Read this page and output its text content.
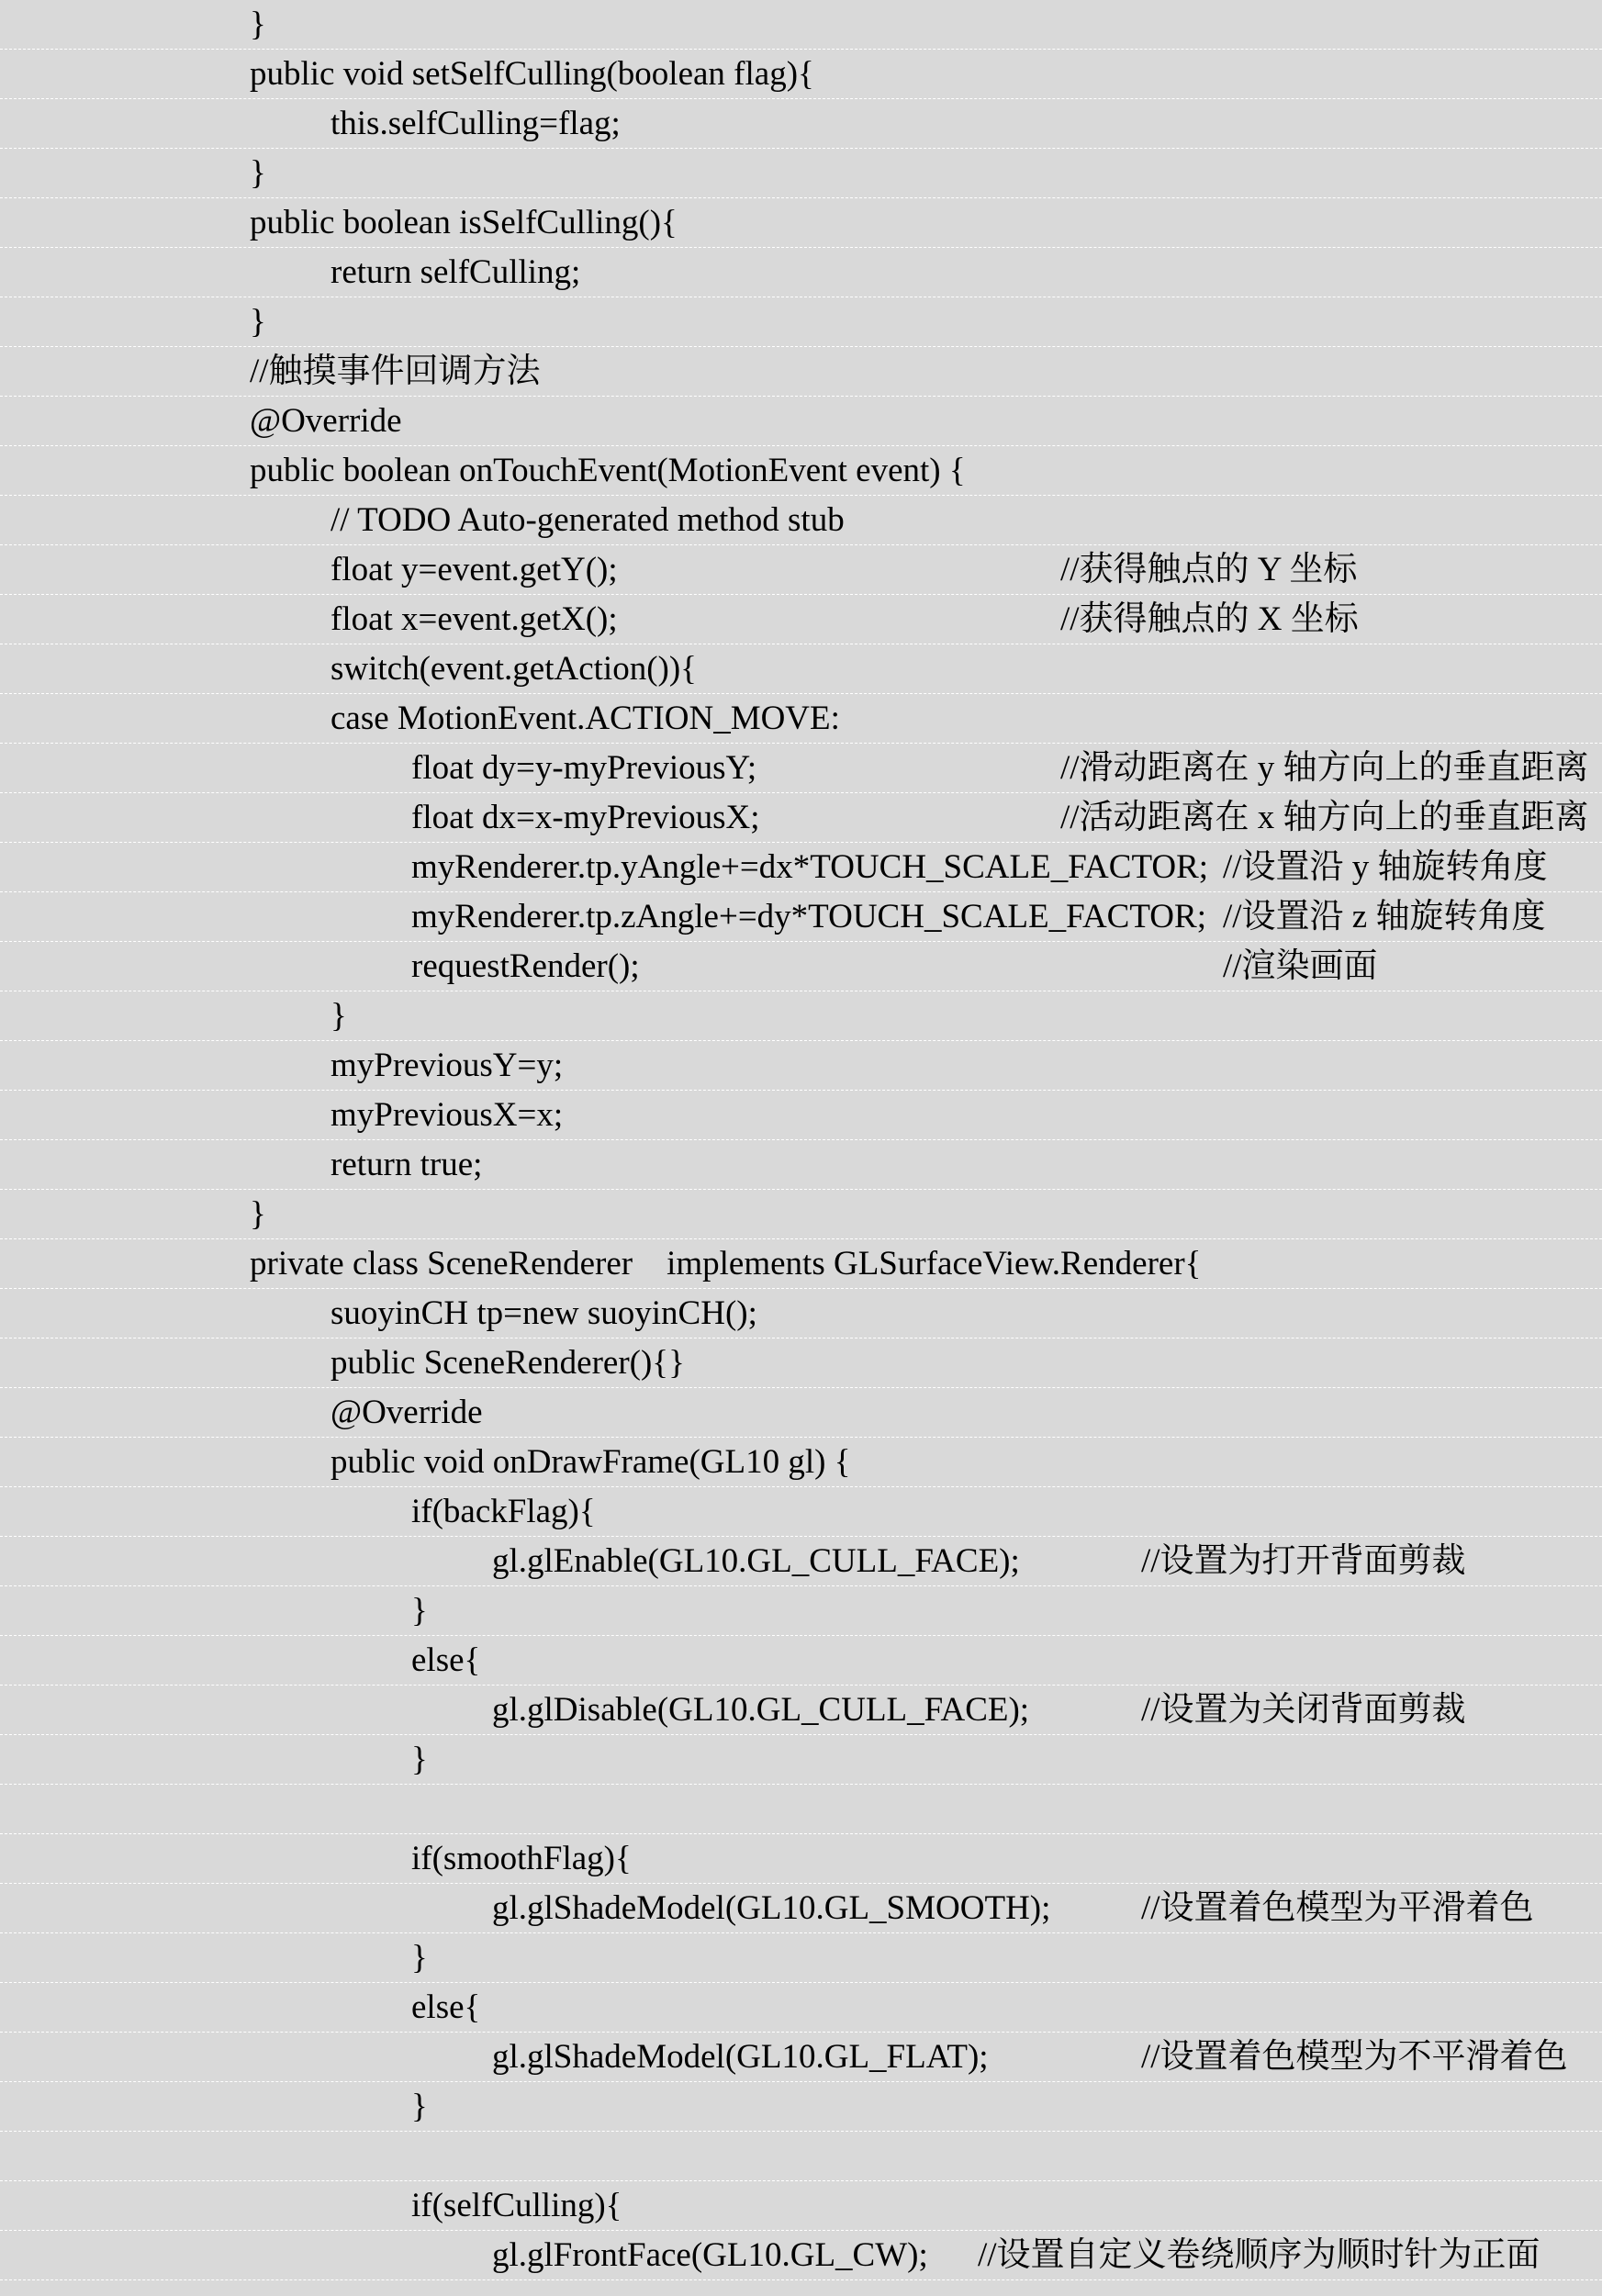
}
public void setSelfCulling(boolean flag){
this.selfCulling=flag;
}
public boolean isSelfCulling(){
return selfCulling;
}
//触摸事件回调方法
@Override
public boolean onTouchEvent(MotionEvent event) {
// TODO Auto-generated method stub
float y=event.getY();	//获得触点的 Y 坐标
float x=event.getX();	//获得触点的 X 坐标
switch(event.getAction()){
case MotionEvent.ACTION_MOVE:
float dy=y-myPreviousY;	//滑动距离在 y 轴方向上的垂直距离
float dx=x-myPreviousX;	//活动距离在 x 轴方向上的垂直距离
myRenderer.tp.yAngle+=dx*TOUCH_SCALE_FACTOR; //设置沿 y 轴旋转角度
myRenderer.tp.zAngle+=dy*TOUCH_SCALE_FACTOR; //设置沿 z 轴旋转角度
requestRender();	//渲染画面
}
myPreviousY=y;
myPreviousX=x;
return true;
}
private class SceneRenderer    implements GLSurfaceView.Renderer{
suoyinCH tp=new suoyinCH();
public SceneRenderer(){}
@Override
public void onDrawFrame(GL10 gl) {
if(backFlag){
gl.glEnable(GL10.GL_CULL_FACE);	//设置为打开背面剪裁
}
else{
gl.glDisable(GL10.GL_CULL_FACE);	//设置为关闭背面剪裁
}
if(smoothFlag){
gl.glShadeModel(GL10.GL_SMOOTH);	//设置着色模型为平滑着色
}
else{
gl.glShadeModel(GL10.GL_FLAT);	//设置着色模型为不平滑着色
}
if(selfCulling){
gl.glFrontFace(GL10.GL_CW); //设置自定义卷绕顺序为顺时针为正面
